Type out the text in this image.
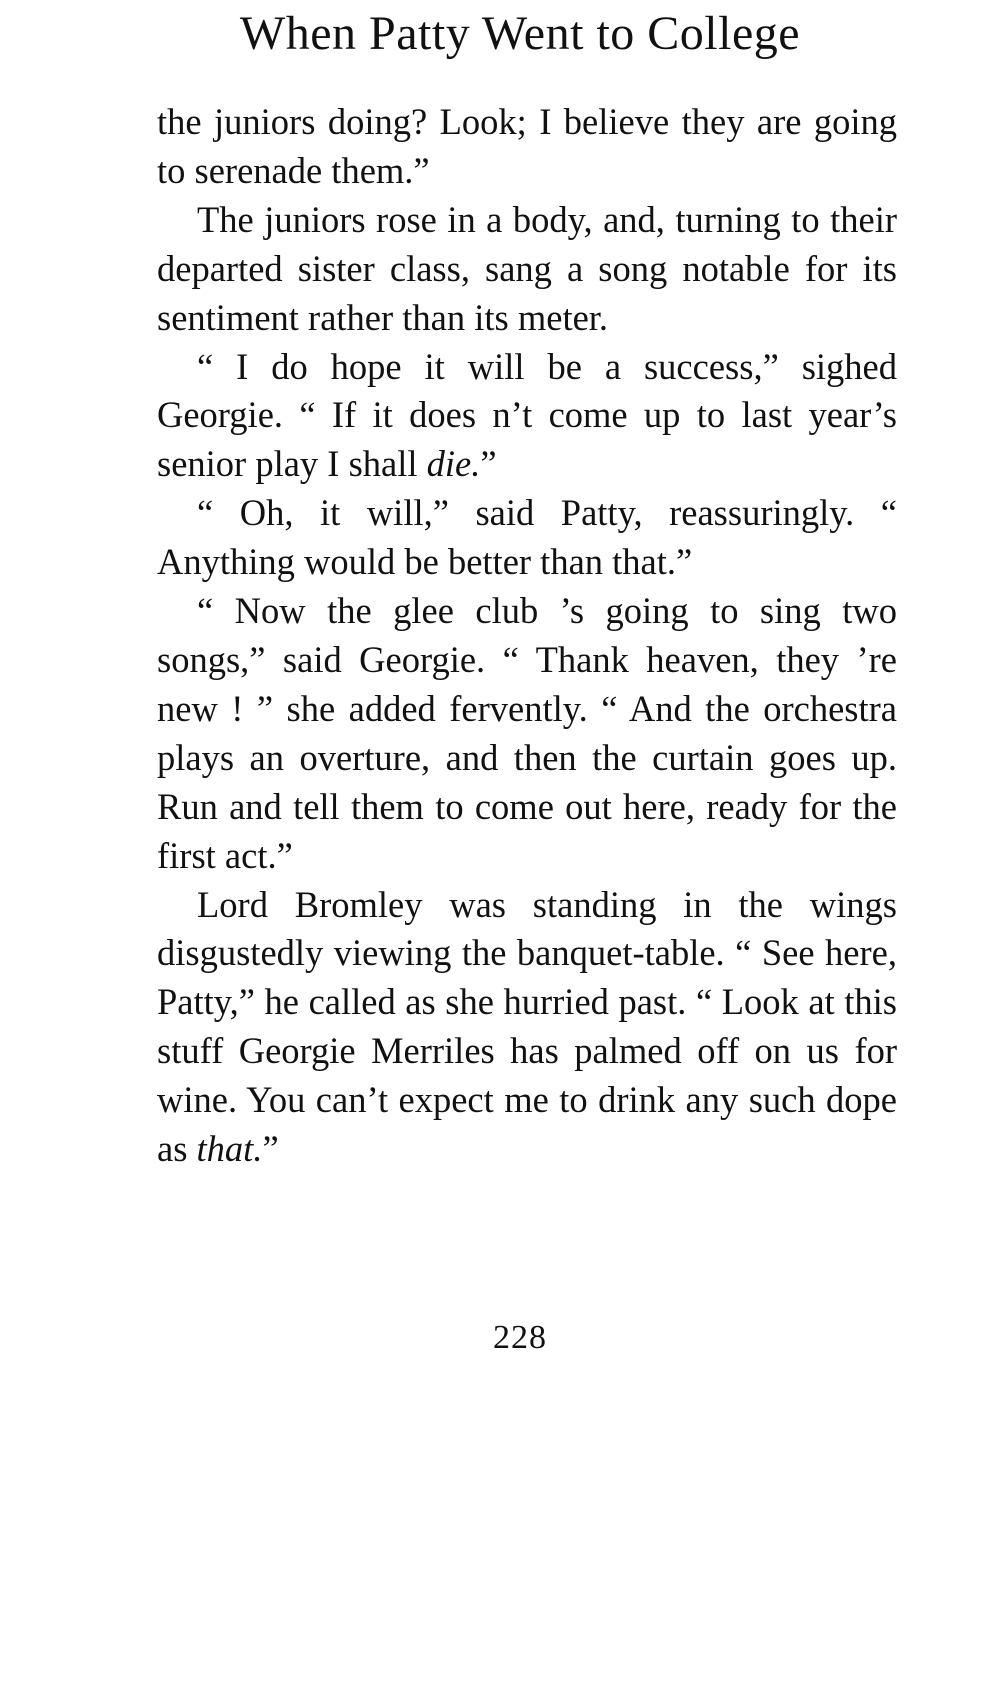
When Patty Went to College

the juniors doing? Look; I believe they are going to serenade them.”

The juniors rose in a body, and, turning to their departed sister class, sang a song notable for its sentiment rather than its meter.

“ I do hope it will be a success,” sighed Georgie. “ If it does n’t come up to last year’s senior play I shall die.”

“ Oh, it will,” said Patty, reassuringly. “ Anything would be better than that.”

“ Now the glee club ’s going to sing two songs,” said Georgie. “ Thank heaven, they ’re new ! ” she added fervently. “ And the orchestra plays an overture, and then the curtain goes up. Run and tell them to come out here, ready for the first act.”

Lord Bromley was standing in the wings disgustedly viewing the banquet-table. “ See here, Patty,” he called as she hurried past. “ Look at this stuff Georgie Merriles has palmed off on us for wine. You can’t expect me to drink any such dope as that.”

228
